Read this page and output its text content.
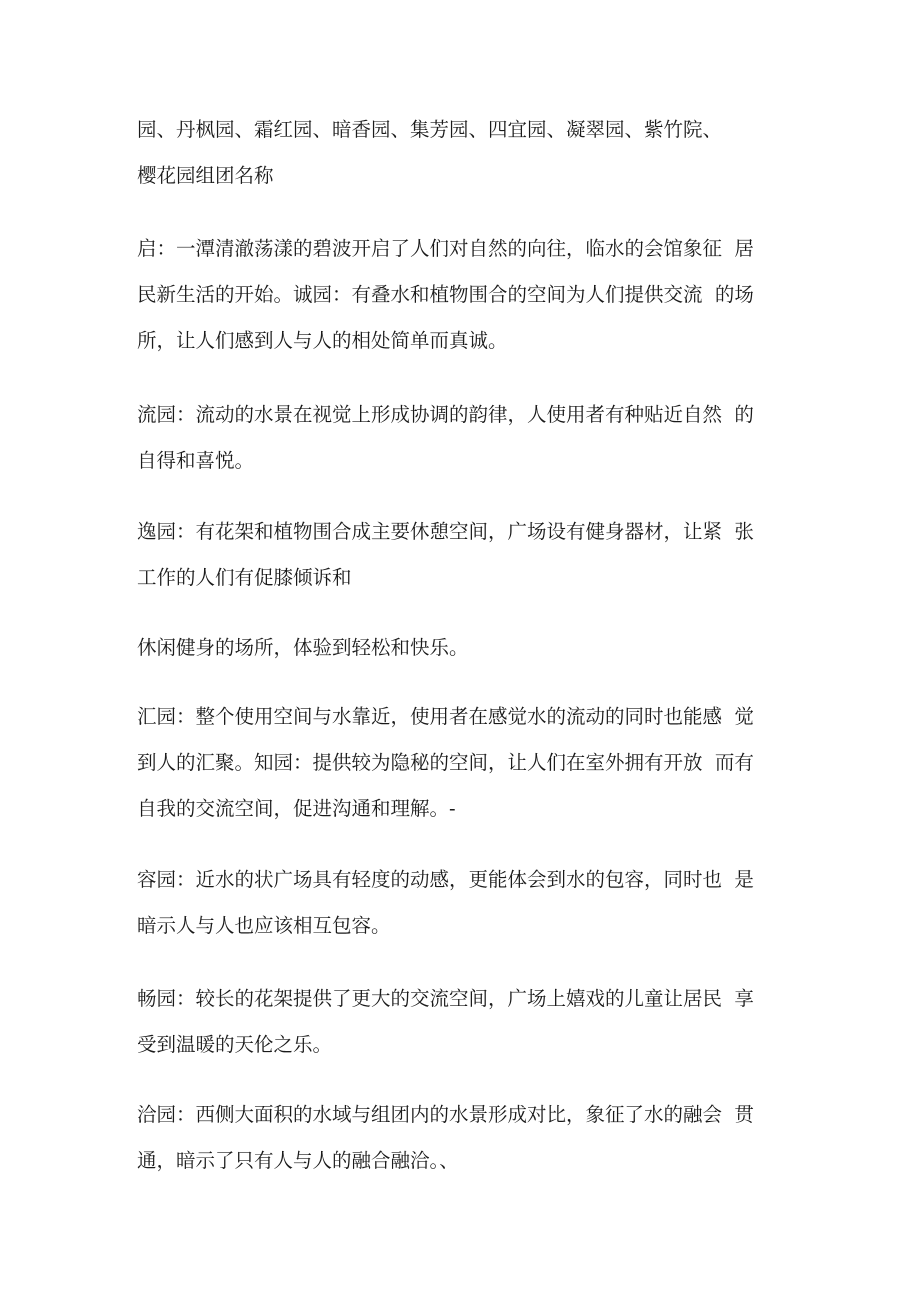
园、丹枫园、霜红园、暗香园、集芳园、四宜园、凝翠园、紫竹院、
樱花园组团名称
启：一潭清澈荡漾的碧波开启了人们对自然的向往，临水的会馆象征  居
民新生活的开始。诚园：有叠水和植物围合的空间为人们提供交流  的场
所，让人们感到人与人的相处简单而真诚。
流园：流动的水景在视觉上形成协调的韵律，人使用者有种贴近自然  的
自得和喜悦。
逸园：有花架和植物围合成主要休憩空间，广场设有健身器材，让紧  张
工作的人们有促膝倾诉和
休闲健身的场所，体验到轻松和快乐。
汇园：整个使用空间与水靠近，使用者在感觉水的流动的同时也能感  觉
到人的汇聚。知园：提供较为隐秘的空间，让人们在室外拥有开放  而有
自我的交流空间，促进沟通和理解。-
容园：近水的状广场具有轻度的动感，更能体会到水的包容，同时也  是
暗示人与人也应该相互包容。
畅园：较长的花架提供了更大的交流空间，广场上嬉戏的儿童让居民  享
受到温暖的天伦之乐。
洽园：西侧大面积的水域与组团内的水景形成对比，象征了水的融会  贯
通，暗示了只有人与人的融合融洽。、
